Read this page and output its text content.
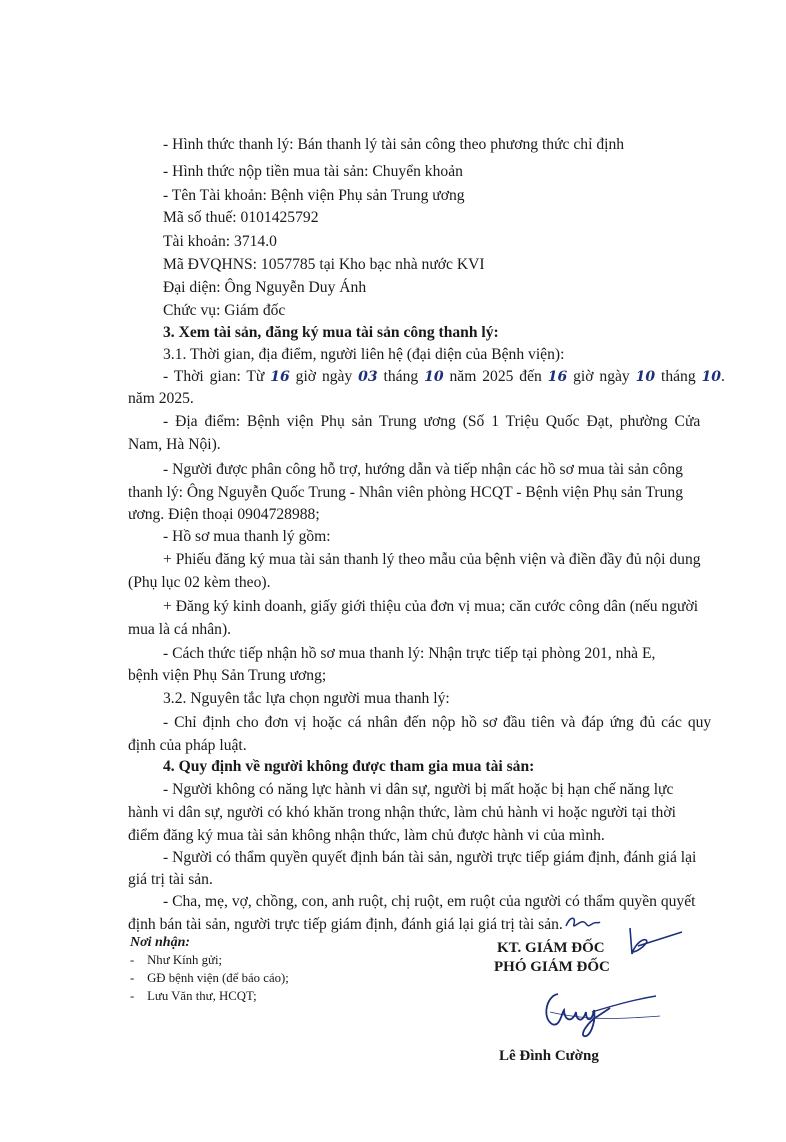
- Hình thức thanh lý: Bán thanh lý tài sản công theo phương thức chỉ định
- Hình thức nộp tiền mua tài sản: Chuyển khoản
- Tên Tài khoản: Bệnh viện Phụ sản Trung ương
Mã số thuế: 0101425792
Tài khoản: 3714.0
Mã ĐVQHNS: 1057785 tại Kho bạc nhà nước KVI
Đại diện: Ông Nguyễn Duy Ánh
Chức vụ: Giám đốc
3. Xem tài sản, đăng ký mua tài sản công thanh lý:
3.1. Thời gian, địa điểm, người liên hệ (đại diện của Bệnh viện):
- Thời gian: Từ 16 giờ ngày 03 tháng 10 năm 2025 đến 16 giờ ngày 10 tháng 10.
năm 2025.
- Địa điểm: Bệnh viện Phụ sản Trung ương (Số 1 Triệu Quốc Đạt, phường Cửa
Nam, Hà Nội).
- Người được phân công hỗ trợ, hướng dẫn và tiếp nhận các hồ sơ mua tài sản công
thanh lý: Ông Nguyễn Quốc Trung - Nhân viên phòng HCQT - Bệnh viện Phụ sản Trung
ương. Điện thoại 0904728988;
- Hồ sơ mua thanh lý gồm:
+ Phiếu đăng ký mua tài sản thanh lý theo mẫu của bệnh viện và điền đầy đủ nội dung
(Phụ lục 02 kèm theo).
+ Đăng ký kinh doanh, giấy giới thiệu của đơn vị mua; căn cước công dân (nếu người
mua là cá nhân).
- Cách thức tiếp nhận hồ sơ mua thanh lý: Nhận trực tiếp tại phòng 201, nhà E,
bệnh viện Phụ Sản Trung ương;
3.2. Nguyên tắc lựa chọn người mua thanh lý:
- Chỉ định cho đơn vị hoặc cá nhân đến nộp hồ sơ đầu tiên và đáp ứng đủ các quy
định của pháp luật.
4. Quy định về người không được tham gia mua tài sản:
- Người không có năng lực hành vi dân sự, người bị mất hoặc bị hạn chế năng lực
hành vi dân sự, người có khó khăn trong nhận thức, làm chủ hành vi hoặc người tại thời
điểm đăng ký mua tài sản không nhận thức, làm chủ được hành vi của mình.
- Người có thẩm quyền quyết định bán tài sản, người trực tiếp giám định, đánh giá lại
giá trị tài sản.
- Cha, mẹ, vợ, chồng, con, anh ruột, chị ruột, em ruột của người có thẩm quyền quyết
định bán tài sản, người trực tiếp giám định, đánh giá lại giá trị tài sản.
Nơi nhận:
-    Như Kính gửi;
-    GĐ bệnh viện (để báo cáo);
-    Lưu Văn thư, HCQT;
KT. GIÁM ĐỐC
PHÓ GIÁM ĐỐC
Lê Đình Cường
